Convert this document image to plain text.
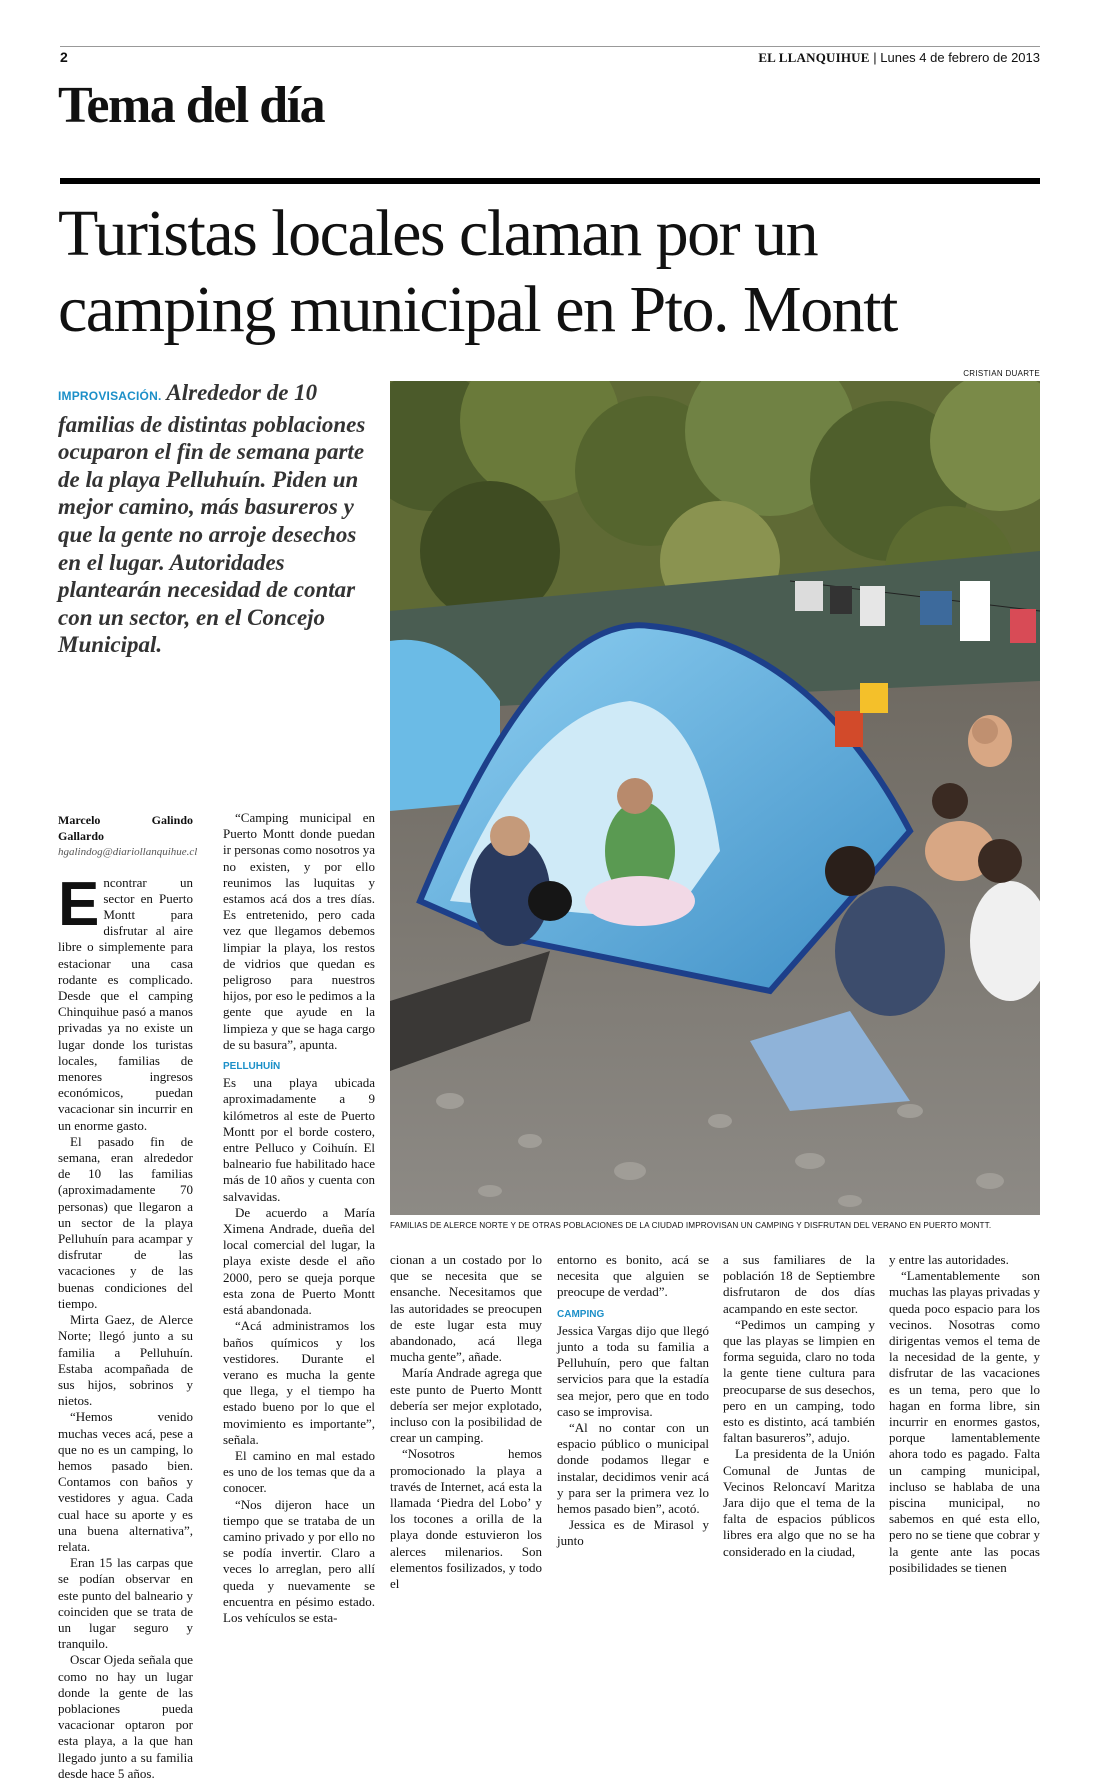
2	EL LLANQUIHUE | Lunes 4 de febrero de 2013
Tema del día
Turistas locales claman por un camping municipal en Pto. Montt
CRISTIAN DUARTE
IMPROVISACIÓN. Alrededor de 10 familias de distintas poblaciones ocuparon el fin de semana parte de la playa Pelluhuín. Piden un mejor camino, más basureros y que la gente no arroje desechos en el lugar. Autoridades plantearán necesidad de contar con un sector, en el Concejo Municipal.
FAMILIAS DE ALERCE NORTE Y DE OTRAS POBLACIONES DE LA CIUDAD IMPROVISAN UN CAMPING Y DISFRUTAN DEL VERANO EN PUERTO MONTT.
Marcelo Galindo Gallardo
hgalindog@diariollanquihue.cl

Encontrar un sector en Puerto Montt para disfrutar al aire libre o simplemente para estacionar una casa rodante es complicado. Desde que el camping Chinquihue pasó a manos privadas ya no existe un lugar donde los turistas locales, familias de menores ingresos económicos, puedan vacacionar sin incurrir en un enorme gasto.

El pasado fin de semana, eran alrededor de 10 las familias (aproximadamente 70 personas) que llegaron a un sector de la playa Pelluhuín para acampar y disfrutar de las vacaciones y de las buenas condiciones del tiempo.

Mirta Gaez, de Alerce Norte; llegó junto a su familia a Pelluhuín. Estaba acompañada de sus hijos, sobrinos y nietos.

“Hemos venido muchas veces acá, pese a que no es un camping, lo hemos pasado bien. Contamos con baños y vestidores y agua. Cada cual hace su aporte y es una buena alternativa”, relata.

Eran 15 las carpas que se podían observar en este punto del balneario y coinciden que se trata de un lugar seguro y tranquilo.

Oscar Ojeda señala que como no hay un lugar donde la gente de las poblaciones pueda vacacionar optaron por esta playa, a la que han llegado junto a su familia desde hace 5 años.

“Camping municipal en Puerto Montt donde puedan ir personas como nosotros ya no existen, y por ello reunimos las luquitas y estamos acá dos a tres días. Es entretenido, pero cada vez que llegamos debemos limpiar la playa, los restos de vidrios que quedan es peligroso para nuestros hijos, por eso le pedimos a la gente que ayude en la limpieza y que se haga cargo de su basura”, apunta.

PELLUHUÍN

Es una playa ubicada aproximadamente a 9 kilómetros al este de Puerto Montt por el borde costero, entre Pelluco y Coihuín. El balneario fue habilitado hace más de 10 años y cuenta con salvavidas.

De acuerdo a María Ximena Andrade, dueña del local comercial del lugar, la playa existe desde el año 2000, pero se queja porque esta zona de Puerto Montt está abandonada.

“Acá administramos los baños químicos y los vestidores. Durante el verano es mucha la gente que llega, y el tiempo ha estado bueno por lo que el movimiento es importante”, señala.

El camino en mal estado es uno de los temas que da a conocer.

“Nos dijeron hace un tiempo que se trataba de un camino privado y por ello no se podía invertir. Claro a veces lo arreglan, pero allí queda y nuevamente se encuentra en pésimo estado. Los vehículos se esta-

cionan a un costado por lo que se necesita que se ensanche. Necesitamos que las autoridades se preocupen de este lugar esta muy abandonado, acá llega mucha gente”, añade.

María Andrade agrega que este punto de Puerto Montt debería ser mejor explotado, incluso con la posibilidad de crear un camping.

“Nosotros hemos promocionado la playa a través de Internet, acá esta la llamada ‘Piedra del Lobo’ y los tocones a orilla de la playa donde estuvieron los alerces milenarios. Son elementos fosilizados, y todo el

entorno es bonito, acá se necesita que alguien se preocupe de verdad”.

CAMPING

Jessica Vargas dijo que llegó junto a toda su familia a Pelluhuín, pero que faltan servicios para que la estadía sea mejor, pero que en todo caso se improvisa.

“Al no contar con un espacio público o municipal donde podamos llegar e instalar, decidimos venir acá y para ser la primera vez lo hemos pasado bien”, acotó.

Jessica es de Mirasol y junto

a sus familiares de la población 18 de Septiembre disfrutaron de dos días acampando en este sector.

“Pedimos un camping y que las playas se limpien en forma seguida, claro no toda la gente tiene cultura para preocuparse de sus desechos, pero en un camping, todo esto es distinto, acá también faltan basureros”, adujo.

La presidenta de la Unión Comunal de Juntas de Vecinos Reloncaví Maritza Jara dijo que el tema de la falta de espacios públicos libres era algo que no se ha considerado en la ciudad,

y entre las autoridades.

“Lamentablemente son muchas las playas privadas y queda poco espacio para los vecinos. Nosotras como dirigentas vemos el tema de la necesidad de la gente, y disfrutar de las vacaciones es un tema, pero que lo hagan en forma libre, sin incurrir en enormes gastos, porque lamentablemente ahora todo es pagado. Falta un camping municipal, incluso se hablaba de una piscina municipal, no sabemos en qué esta ello, pero no se tiene que cobrar y la gente ante las pocas posibilidades se tienen
